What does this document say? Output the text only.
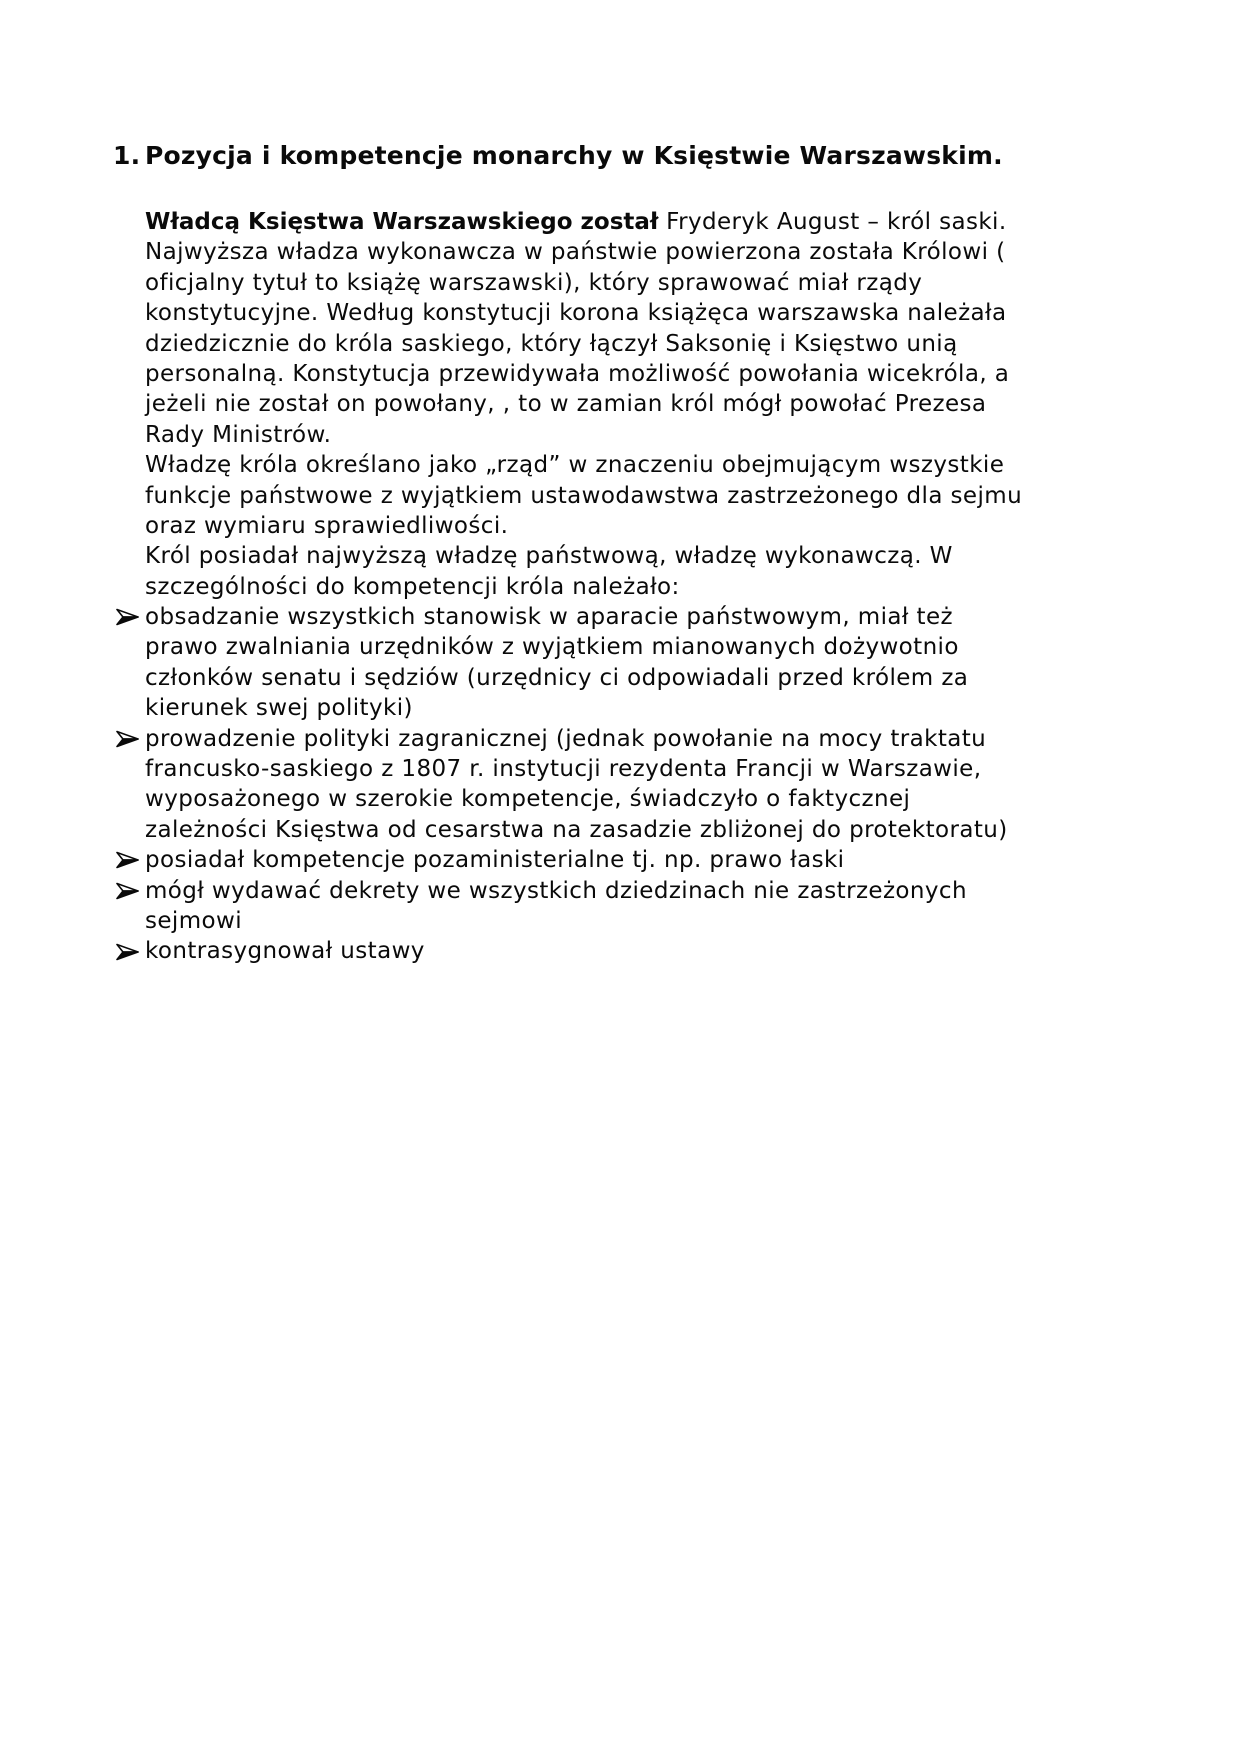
1. Pozycja i kompetencje monarchy w Księstwie Warszawskim.
Władcą Księstwa Warszawskiego został Fryderyk August – król saski.
Najwyższa władza wykonawcza w państwie powierzona została Królowi (
oficjalny tytuł to książę warszawski), który sprawować miał rządy
konstytucyjne. Według konstytucji korona książęca warszawska należała
dziedzicznie do króla saskiego, który łączył Saksonię i Księstwo unią
personalną. Konstytucja przewidywała możliwość powołania wicekróla, a
jeżeli nie został on powołany, , to w zamian król mógł powołać Prezesa
Rady Ministrów.
Władzę króla określano jako „rząd” w znaczeniu obejmującym wszystkie
funkcje państwowe z wyjątkiem ustawodawstwa zastrzeżonego dla sejmu
oraz wymiaru sprawiedliwości.
Król posiadał najwyższą władzę państwową, władzę wykonawczą. W
szczególności do kompetencji króla należało:
obsadzanie wszystkich stanowisk w aparacie państwowym, miał też
prawo zwalniania urzędników z wyjątkiem mianowanych dożywotnio
członków senatu i sędziów (urzędnicy ci odpowiadali przed królem za
kierunek swej polityki)
prowadzenie polityki zagranicznej (jednak powołanie na mocy traktatu
francusko-saskiego z 1807 r. instytucji rezydenta Francji w Warszawie,
wyposażonego w szerokie kompetencje, świadczyło o faktycznej
zależności Księstwa od cesarstwa na zasadzie zbliżonej do protektoratu)
posiadał kompetencje pozaministerialne tj. np. prawo łaski
mógł wydawać dekrety we wszystkich dziedzinach nie zastrzeżonych
sejmowi
kontrasygnował ustawy
